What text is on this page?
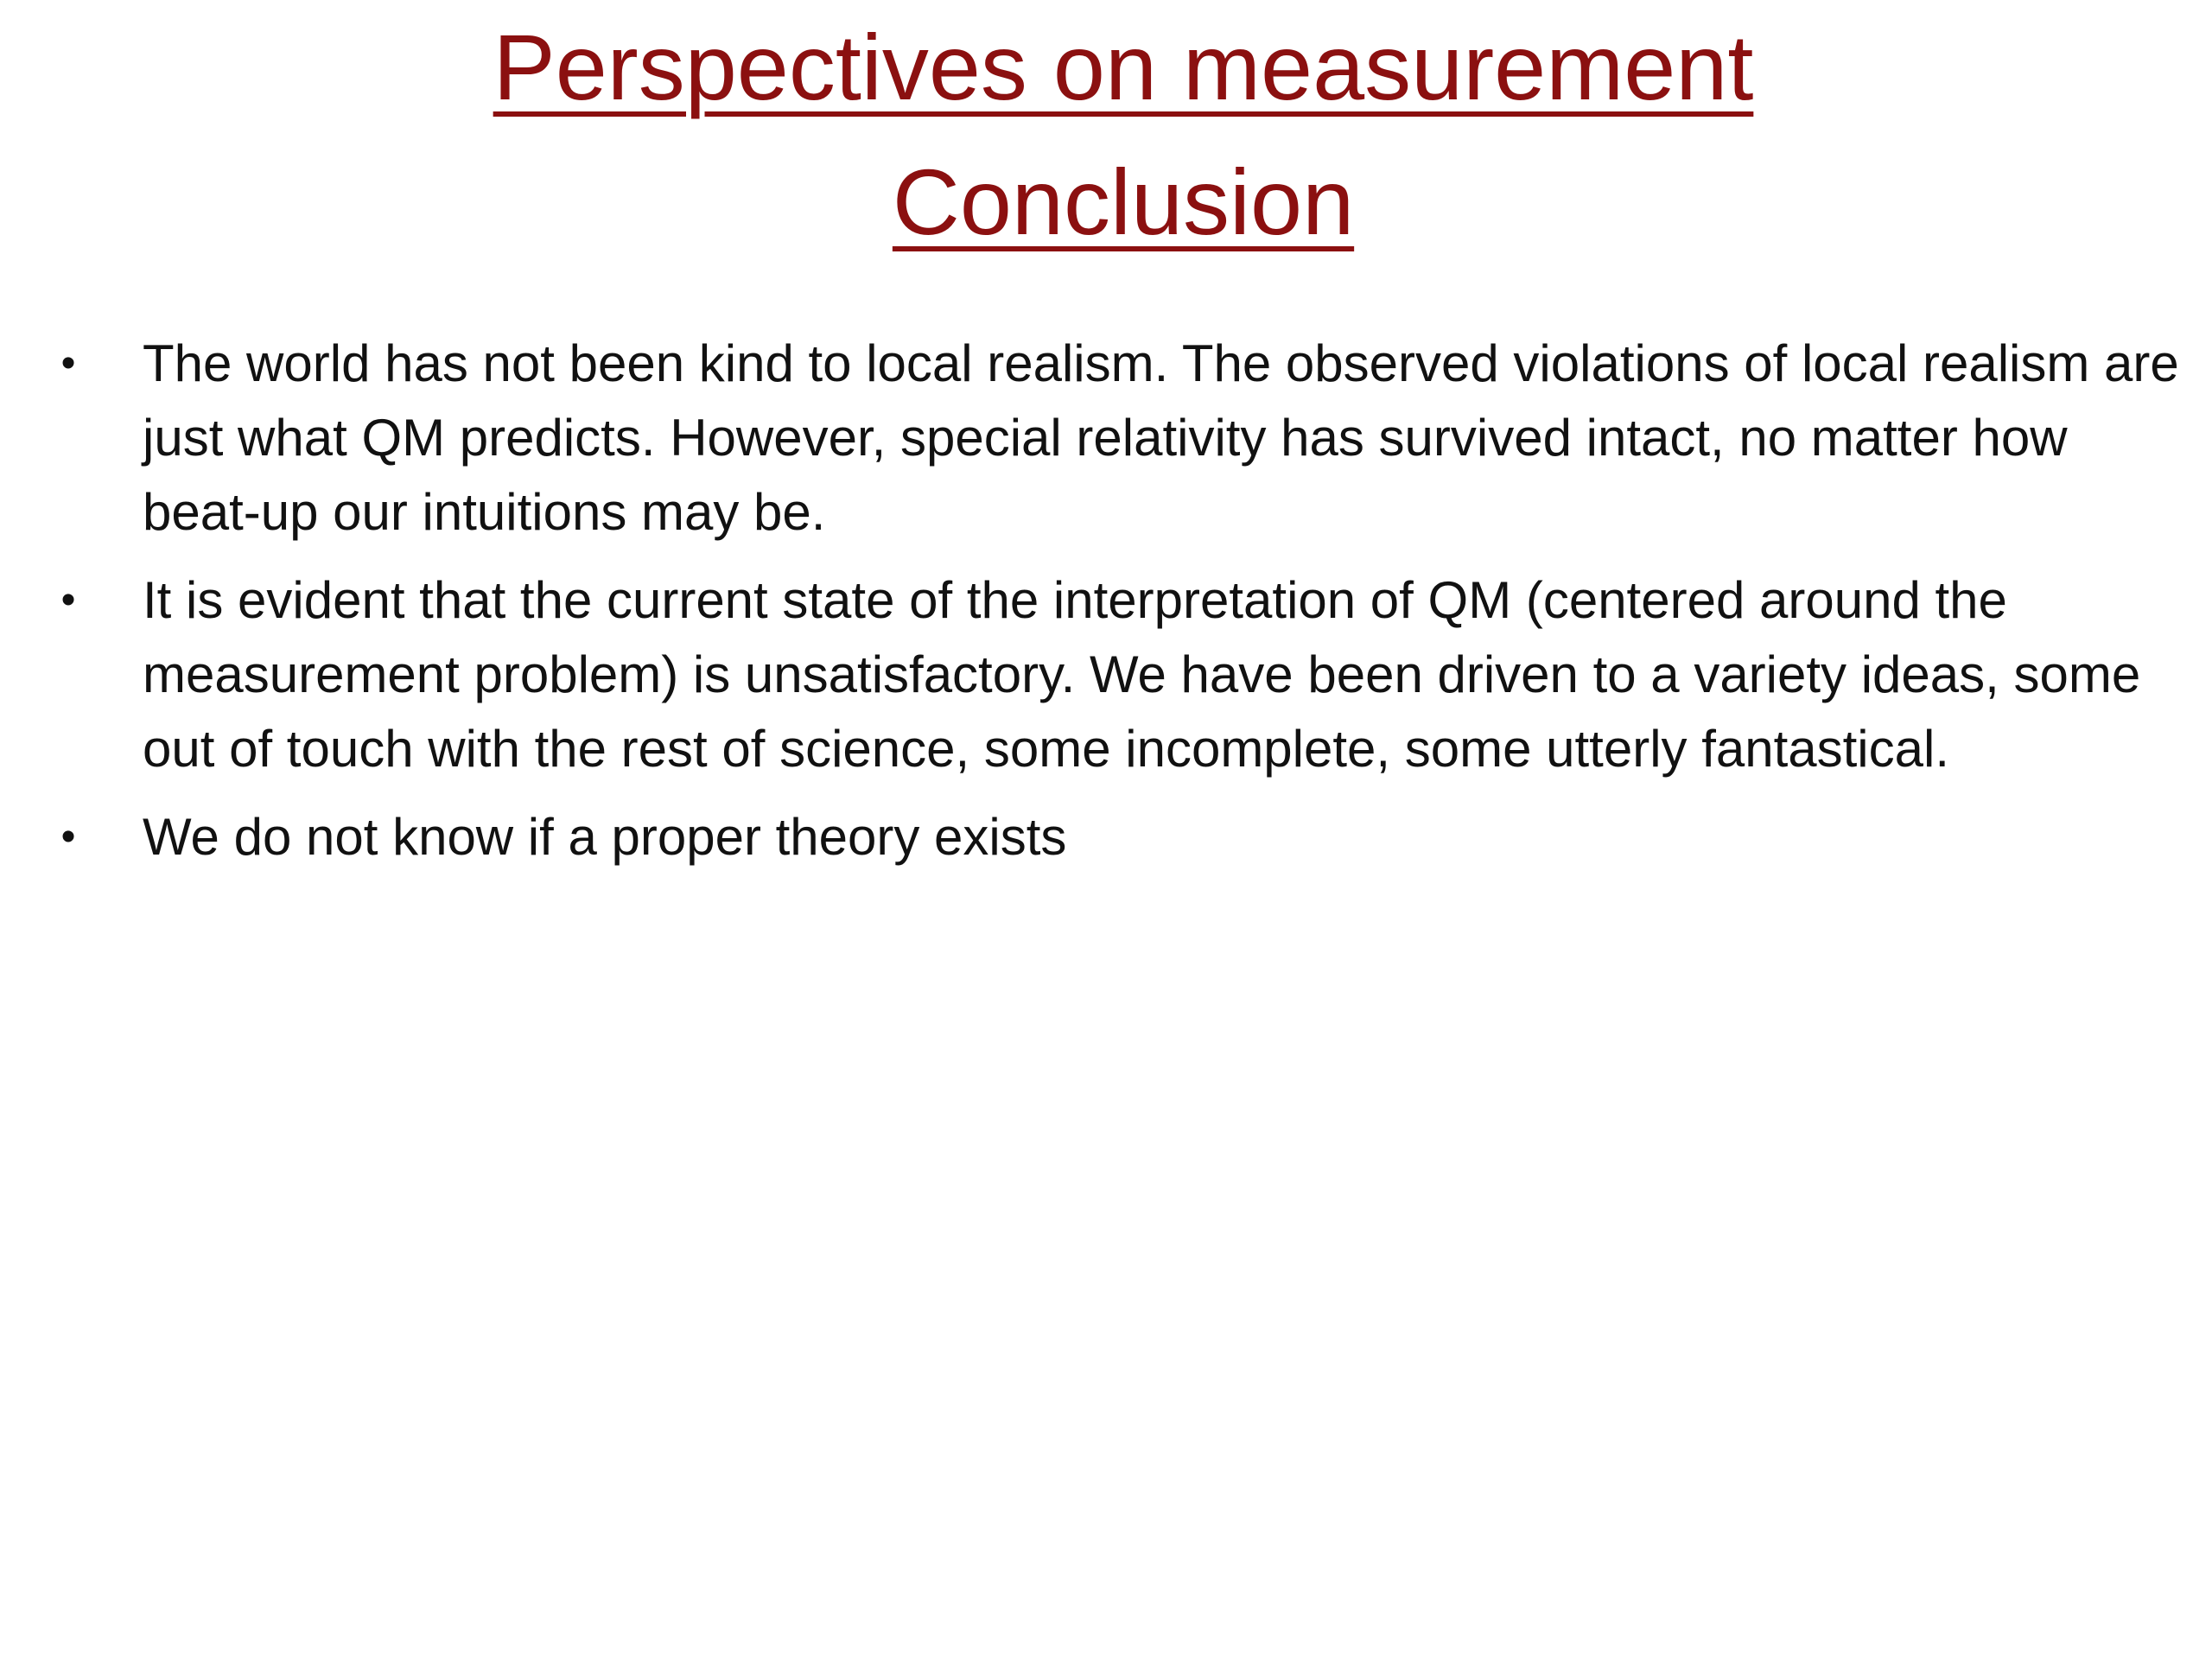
Perspectives on measurement
Conclusion
• The world has not been kind to local realism. The observed violations of local realism are just what QM predicts. However, special relativity has survived intact, no matter how beat-up our intuitions may be.
• It is evident that the current state of the interpretation of QM (centered around the measurement problem) is unsatisfactory. We have been driven to a variety ideas, some out of touch with the rest of science, some incomplete, some utterly fantastical.
• We do not know if a proper theory exists
